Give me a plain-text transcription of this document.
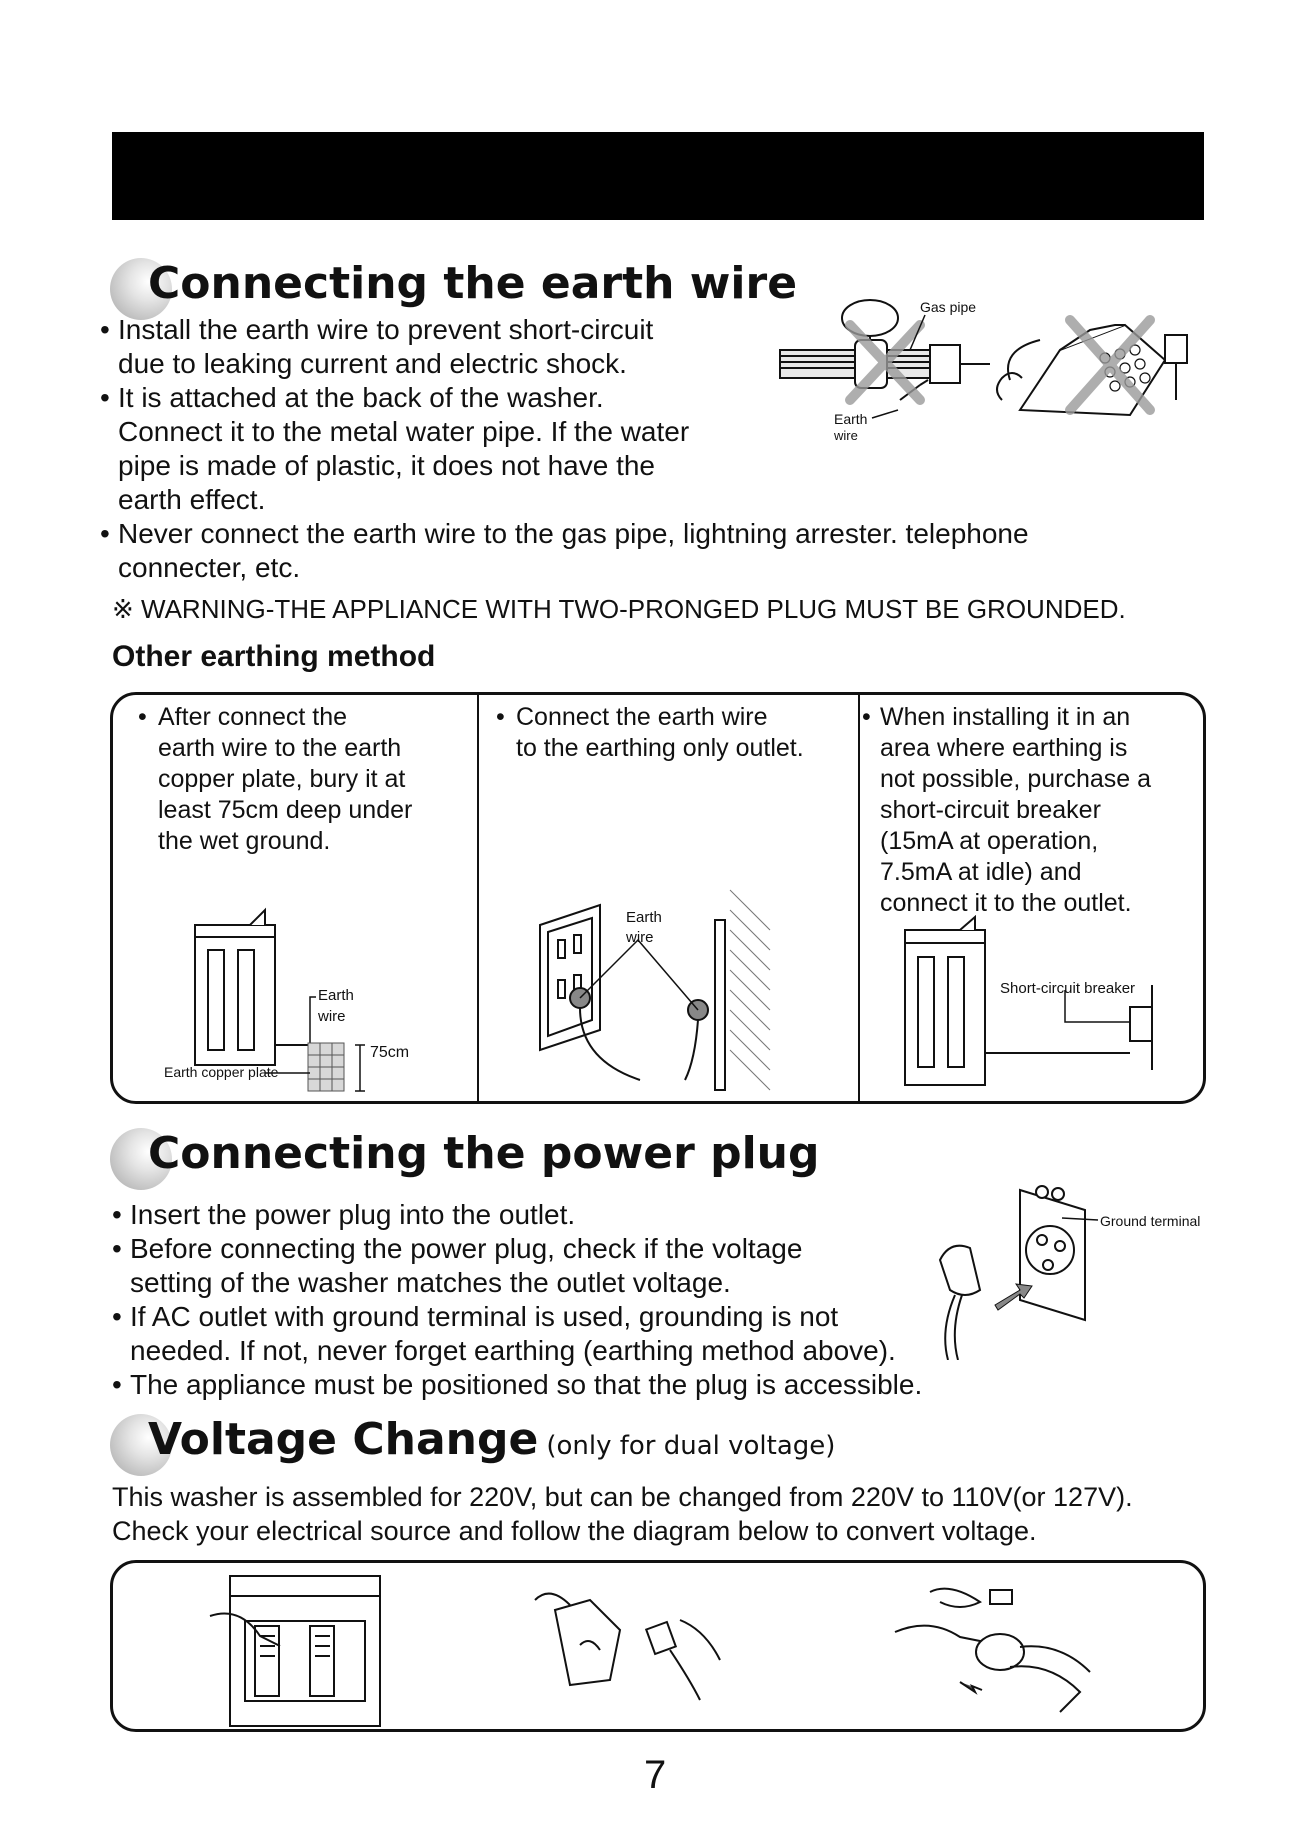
Connecting the earth wire
• Install the earth wire to prevent short-circuit
due to leaking current and electric shock.
• It is attached at the back of the washer.
Connect it to the metal water pipe. If the water
pipe is made of plastic, it does not have the
earth effect.
• Never connect the earth wire to the gas pipe, lightning arrester. telephone
connecter, etc.
Gas pipe
Earth
wire
※ WARNING-THE APPLIANCE WITH TWO-PRONGED PLUG MUST BE GROUNDED.
Other earthing method
• After connect the
earth wire to the earth
copper plate, bury it at
least 75cm deep under
the wet ground.
• Connect the earth wire
to the earthing only outlet.
• When installing it in an
area where earthing is
not possible, purchase a
short-circuit breaker
(15mA at operation,
7.5mA at idle) and
connect it to the outlet.
Earth
wire
75cm
Earth copper plate
Earth
wire
Short-circuit breaker
Connecting the power plug
• Insert the power plug into the outlet.
• Before connecting the power plug, check if the voltage
setting of the washer matches the outlet voltage.
• If AC outlet with ground terminal is used, grounding is not
needed. If not, never forget earthing (earthing method above).
• The appliance must be positioned so that the plug is accessible.
Ground terminal
Voltage Change (only for dual voltage)
This washer is assembled for 220V, but can be changed from 220V to 110V(or 127V).
Check your electrical source and follow the diagram below to convert voltage.
7
